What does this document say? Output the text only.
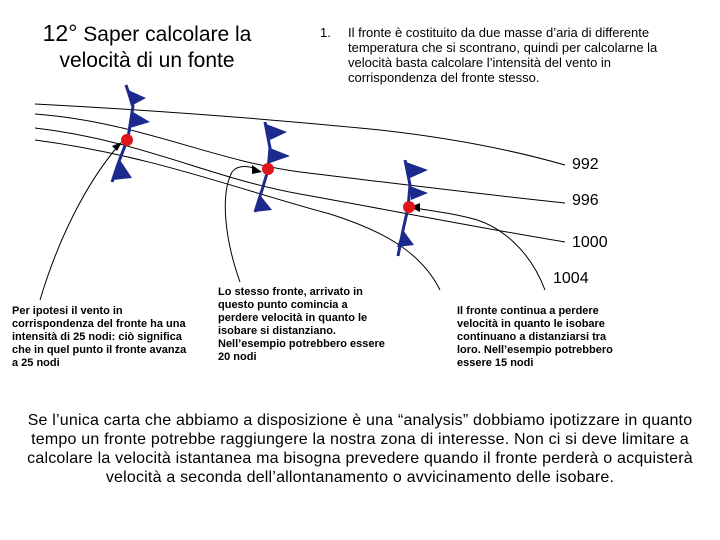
12° Saper calcolare la
velocità di un fonte
1. Il fronte è costituito da due masse d’aria di differente temperatura che si scontrano, quindi per calcolarne la velocità basta calcolare l’intensità del vento in corrispondenza del fronte stesso.
992
996
1000
1004
Per ipotesi il vento in corrispondenza del fronte ha una intensità di 25 nodi: ciò significa che in quel punto il fronte avanza a 25 nodi
Lo stesso fronte, arrivato in questo punto comincia a perdere velocità in quanto le isobare si distanziano. Nell’esempio potrebbero essere 20 nodi
Il fronte continua a perdere velocità in quanto le isobare continuano a distanziarsi tra loro. Nell’esempio potrebbero essere 15 nodi
Se l’unica carta che abbiamo a disposizione è una “analysis” dobbiamo ipotizzare in quanto tempo un fronte potrebbe raggiungere la nostra zona di interesse. Non ci si deve limitare a calcolare la velocità istantanea ma bisogna prevedere quando il fronte perderà o acquisterà velocità a seconda dell’allontanamento o avvicinamento delle isobare.
